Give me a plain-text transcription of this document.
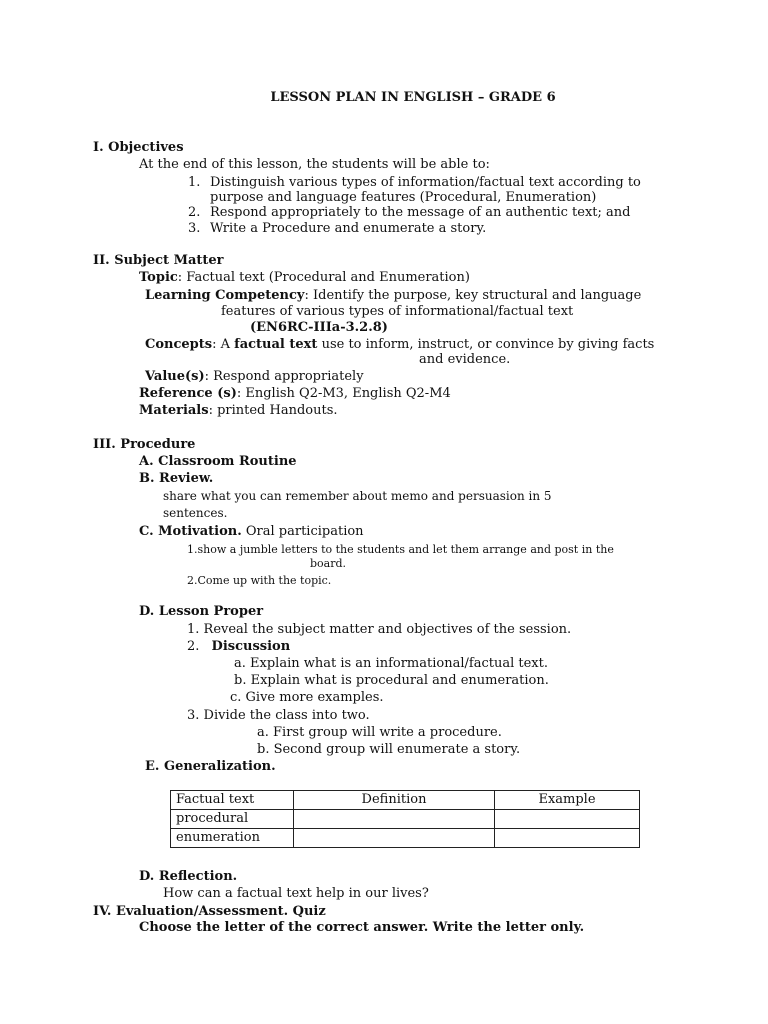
LESSON PLAN IN ENGLISH – GRADE 6
I. Objectives
At the end of this lesson, the students will be able to:
1. Distinguish various types of information/factual text according to
purpose and language features (Procedural, Enumeration)
2. Respond appropriately to the message of an authentic text; and
3. Write a Procedure and enumerate a story.
II. Subject Matter
Topic: Factual text (Procedural and Enumeration)
Learning Competency: Identify the purpose, key structural and language
features of various types of informational/factual text
(EN6RC-IIIa-3.2.8)
Concepts: A factual text use to inform, instruct, or convince by giving facts
and evidence.
Value(s): Respond appropriately
Reference (s): English Q2-M3, English Q2-M4
Materials: printed Handouts.
III. Procedure
A. Classroom Routine
B. Review.
share what you can remember about memo and persuasion in 5
sentences.
C. Motivation. Oral participation
1.show a jumble letters to the students and let them arrange and post in the
board.
2.Come up with the topic.
D. Lesson Proper
1. Reveal the subject matter and objectives of the session.
2. Discussion
a. Explain what is an informational/factual text.
b. Explain what is procedural and enumeration.
c. Give more examples.
3. Divide the class into two.
a. First group will write a procedure.
b. Second group will enumerate a story.
E. Generalization.
Factual text	Definition	Example
procedural		
enumeration		
D. Reflection.
How can a factual text help in our lives?
IV. Evaluation/Assessment. Quiz
Choose the letter of the correct answer. Write the letter only.
